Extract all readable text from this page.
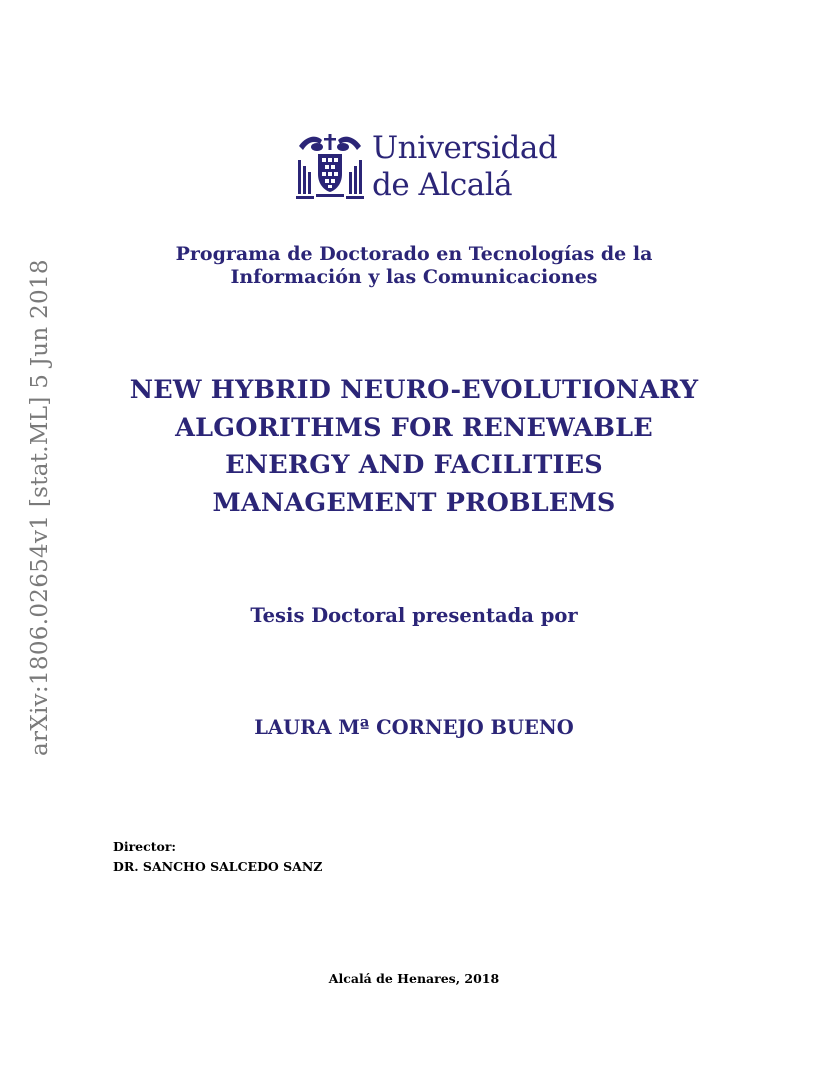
Universidad
de Alcalá
Programa de Doctorado en Tecnologías de la
Información y las Comunicaciones
NEW HYBRID NEURO-EVOLUTIONARY
ALGORITHMS FOR RENEWABLE
ENERGY AND FACILITIES
MANAGEMENT PROBLEMS
Tesis Doctoral presentada por
LAURA Mª CORNEJO BUENO
Director:
DR. SANCHO SALCEDO SANZ
Alcalá de Henares, 2018
arXiv:1806.02654v1 [stat.ML] 5 Jun 2018
